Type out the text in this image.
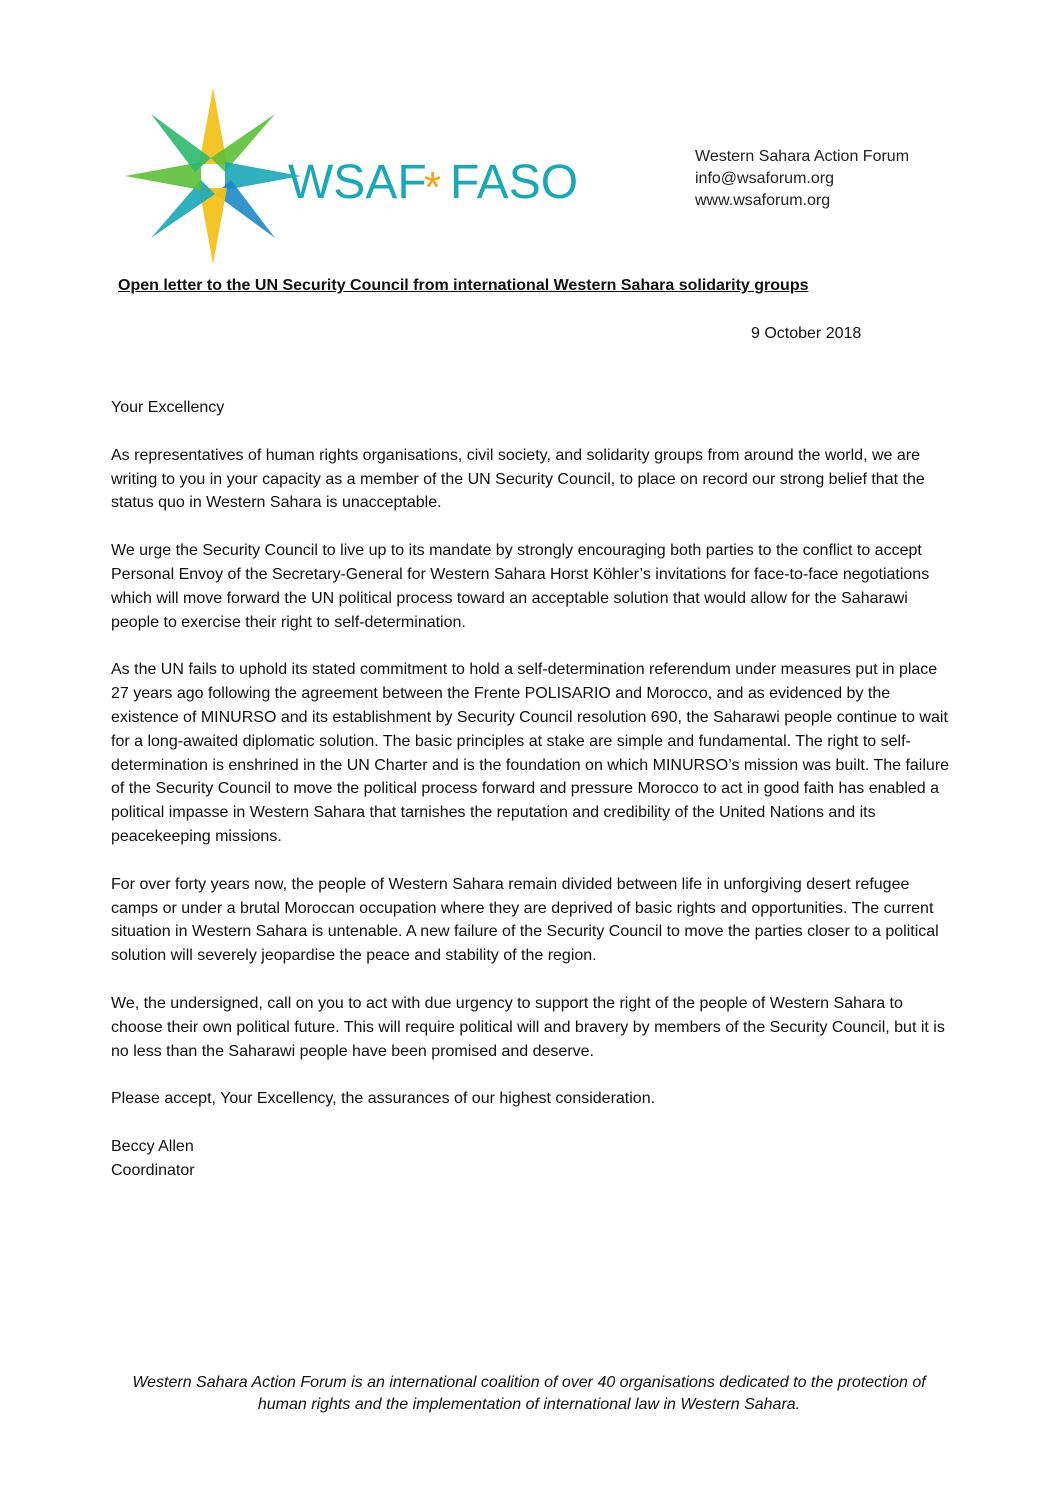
WSAF
* FASO	Western Sahara Action Forum
info@wsaforum.org
www.wsaforum.org
Open letter to the UN Security Council from international Western Sahara solidarity groups
9 October 2018

Your Excellency

As representatives of human rights organisations, civil society, and solidarity groups from around the world, we are writing to you in your capacity as a member of the UN Security Council, to place on record our strong belief that the status quo in Western Sahara is unacceptable.

We urge the Security Council to live up to its mandate by strongly encouraging both parties to the conflict to accept Personal Envoy of the Secretary-General for Western Sahara Horst Köhler’s invitations for face-to-face negotiations which will move forward the UN political process toward an acceptable solution that would allow for the Saharawi people to exercise their right to self-determination.

As the UN fails to uphold its stated commitment to hold a self-determination referendum under measures put in place 27 years ago following the agreement between the Frente POLISARIO and Morocco, and as evidenced by the existence of MINURSO and its establishment by Security Council resolution 690, the Saharawi people continue to wait for a long-awaited diplomatic solution. The basic principles at stake are simple and fundamental. The right to self-determination is enshrined in the UN Charter and is the foundation on which MINURSO’s mission was built. The failure of the Security Council to move the political process forward and pressure Morocco to act in good faith has enabled a political impasse in Western Sahara that tarnishes the reputation and credibility of the United Nations and its peacekeeping missions.

For over forty years now, the people of Western Sahara remain divided between life in unforgiving desert refugee camps or under a brutal Moroccan occupation where they are deprived of basic rights and opportunities. The current situation in Western Sahara is untenable. A new failure of the Security Council to move the parties closer to a political solution will severely jeopardise the peace and stability of the region.

We, the undersigned, call on you to act with due urgency to support the right of the people of Western Sahara to choose their own political future. This will require political will and bravery by members of the Security Council, but it is no less than the Saharawi people have been promised and deserve.

Please accept, Your Excellency, the assurances of our highest consideration.

Beccy Allen
Coordinator
Western Sahara Action Forum is an international coalition of over 40 organisations dedicated to the protection of human rights and the implementation of international law in Western Sahara.
